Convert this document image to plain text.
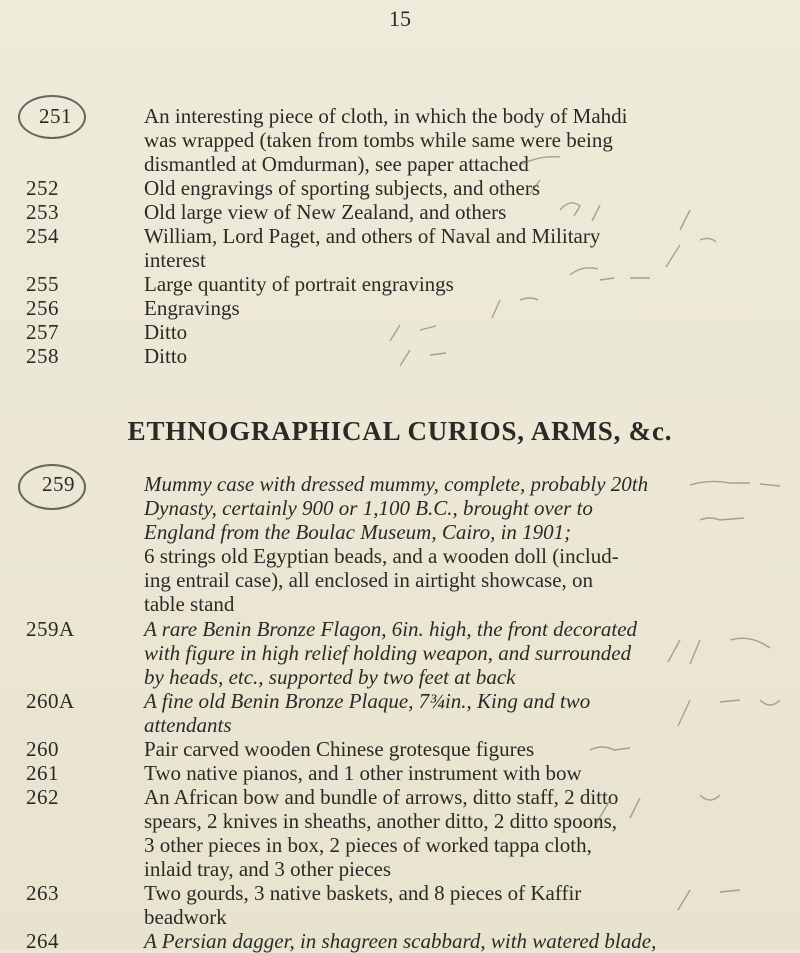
15
251	An interesting piece of cloth, in which the body of Mahdi
was wrapped (taken from tombs while same were being
dismantled at Omdurman), see paper attached
252	Old engravings of sporting subjects, and others
253	Old large view of New Zealand, and others
254	William, Lord Paget, and others of Naval and Military
interest
255	Large quantity of portrait engravings
256	Engravings
257	Ditto
258	Ditto
ETHNOGRAPHICAL CURIOS, ARMS, &c.
259	Mummy case with dressed mummy, complete, probably 20th
Dynasty, certainly 900 or 1,100 B.C., brought over to
England from the Boulac Museum, Cairo, in 1901;
6 strings old Egyptian beads, and a wooden doll (includ-
ing entrail case), all enclosed in airtight showcase, on
table stand
259A	A rare Benin Bronze Flagon, 6in. high, the front decorated
with figure in high relief holding weapon, and surrounded
by heads, etc., supported by two feet at back
260A	A fine old Benin Bronze Plaque, 7¾in., King and two
attendants
260	Pair carved wooden Chinese grotesque figures
261	Two native pianos, and 1 other instrument with bow
262	An African bow and bundle of arrows, ditto staff, 2 ditto
spears, 2 knives in sheaths, another ditto, 2 ditto spoons,
3 other pieces in box, 2 pieces of worked tappa cloth,
inlaid tray, and 3 other pieces
263	Two gourds, 3 native baskets, and 8 pieces of Kaffir
beadwork
264	A Persian dagger, in shagreen scabbard, with watered blade,
